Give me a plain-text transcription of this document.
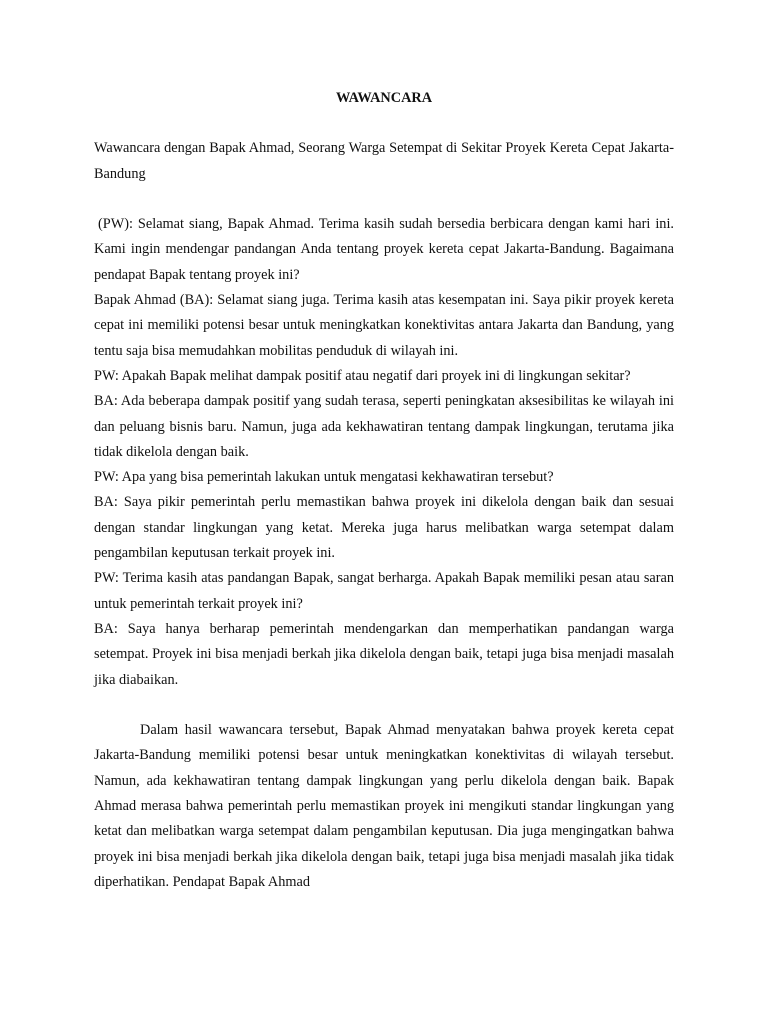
WAWANCARA

Wawancara dengan Bapak Ahmad, Seorang Warga Setempat di Sekitar Proyek Kereta Cepat Jakarta-Bandung

(PW): Selamat siang, Bapak Ahmad. Terima kasih sudah bersedia berbicara dengan kami hari ini. Kami ingin mendengar pandangan Anda tentang proyek kereta cepat Jakarta-Bandung. Bagaimana pendapat Bapak tentang proyek ini?

Bapak Ahmad (BA): Selamat siang juga. Terima kasih atas kesempatan ini. Saya pikir proyek kereta cepat ini memiliki potensi besar untuk meningkatkan konektivitas antara Jakarta dan Bandung, yang tentu saja bisa memudahkan mobilitas penduduk di wilayah ini.

PW: Apakah Bapak melihat dampak positif atau negatif dari proyek ini di lingkungan sekitar?

BA: Ada beberapa dampak positif yang sudah terasa, seperti peningkatan aksesibilitas ke wilayah ini dan peluang bisnis baru. Namun, juga ada kekhawatiran tentang dampak lingkungan, terutama jika tidak dikelola dengan baik.

PW: Apa yang bisa pemerintah lakukan untuk mengatasi kekhawatiran tersebut?

BA: Saya pikir pemerintah perlu memastikan bahwa proyek ini dikelola dengan baik dan sesuai dengan standar lingkungan yang ketat. Mereka juga harus melibatkan warga setempat dalam pengambilan keputusan terkait proyek ini.

PW: Terima kasih atas pandangan Bapak, sangat berharga. Apakah Bapak memiliki pesan atau saran untuk pemerintah terkait proyek ini?

BA: Saya hanya berharap pemerintah mendengarkan dan memperhatikan pandangan warga setempat. Proyek ini bisa menjadi berkah jika dikelola dengan baik, tetapi juga bisa menjadi masalah jika diabaikan.

Dalam hasil wawancara tersebut, Bapak Ahmad menyatakan bahwa proyek kereta cepat Jakarta-Bandung memiliki potensi besar untuk meningkatkan konektivitas di wilayah tersebut. Namun, ada kekhawatiran tentang dampak lingkungan yang perlu dikelola dengan baik. Bapak Ahmad merasa bahwa pemerintah perlu memastikan proyek ini mengikuti standar lingkungan yang ketat dan melibatkan warga setempat dalam pengambilan keputusan. Dia juga mengingatkan bahwa proyek ini bisa menjadi berkah jika dikelola dengan baik, tetapi juga bisa menjadi masalah jika tidak diperhatikan. Pendapat Bapak Ahmad
